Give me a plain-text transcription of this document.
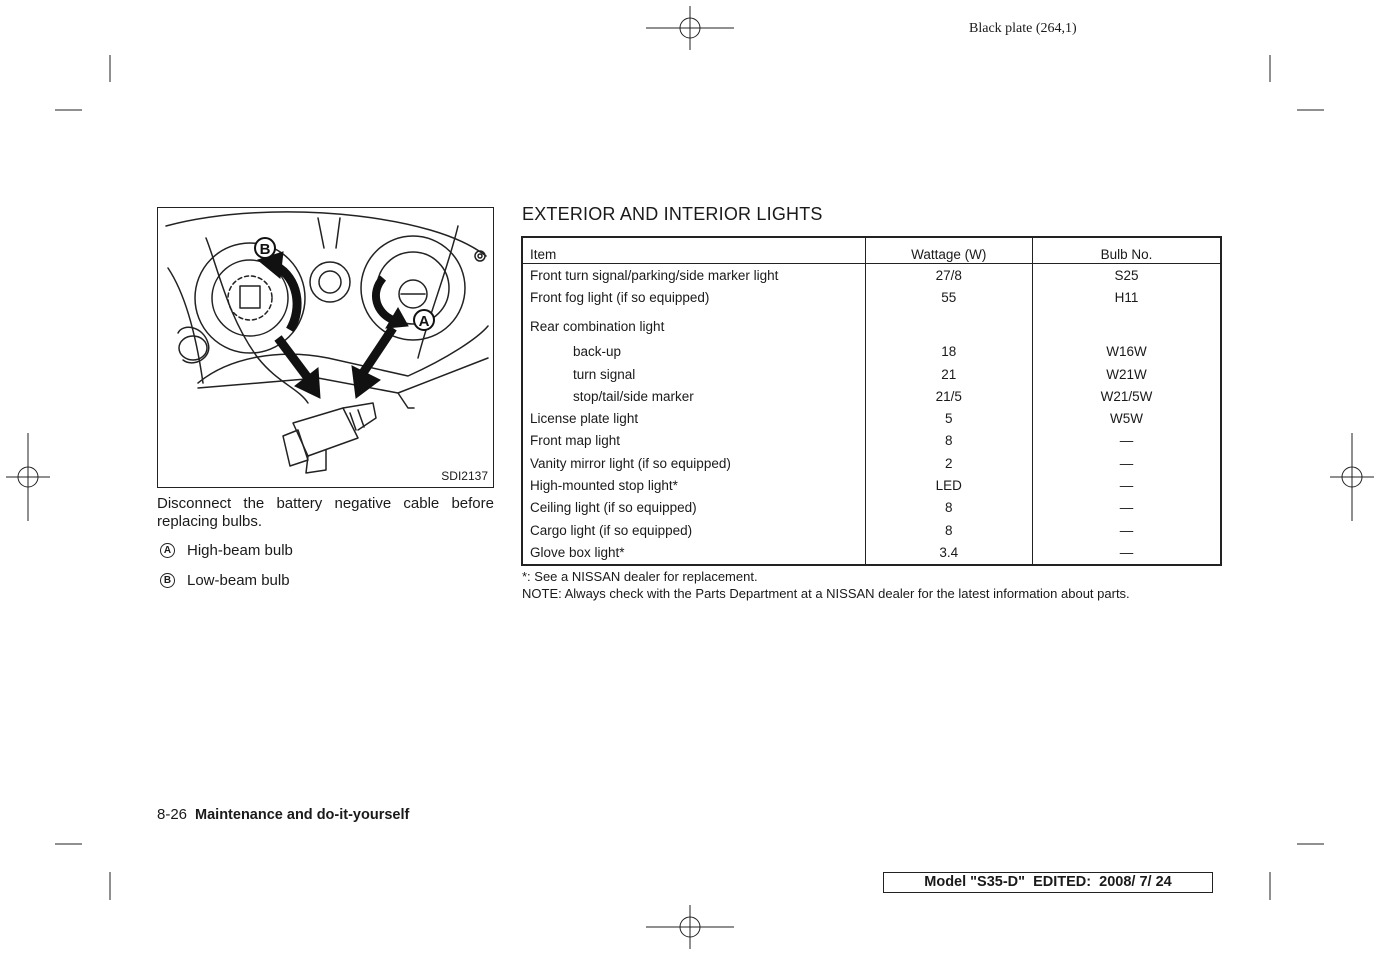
Black plate (264,1)
B
A
SDI2137
Disconnect the battery negative cable before replacing bulbs.
A High-beam bulb
B Low-beam bulb
EXTERIOR AND INTERIOR LIGHTS
Item	Wattage (W)	Bulb No.
Front turn signal/parking/side marker light	27/8	S25
Front fog light (if so equipped)	55	H11
Rear combination light		
back-up	18	W16W
turn signal	21	W21W
stop/tail/side marker	21/5	W21/5W
License plate light	5	W5W
Front map light	8	—
Vanity mirror light (if so equipped)	2	—
High-mounted stop light*	LED	—
Ceiling light (if so equipped)	8	—
Cargo light (if so equipped)	8	—
Glove box light*	3.4	—
*: See a NISSAN dealer for replacement.
NOTE: Always check with the Parts Department at a NISSAN dealer for the latest information about parts.
8-26 Maintenance and do-it-yourself
Model "S35-D"  EDITED:  2008/ 7/ 24
